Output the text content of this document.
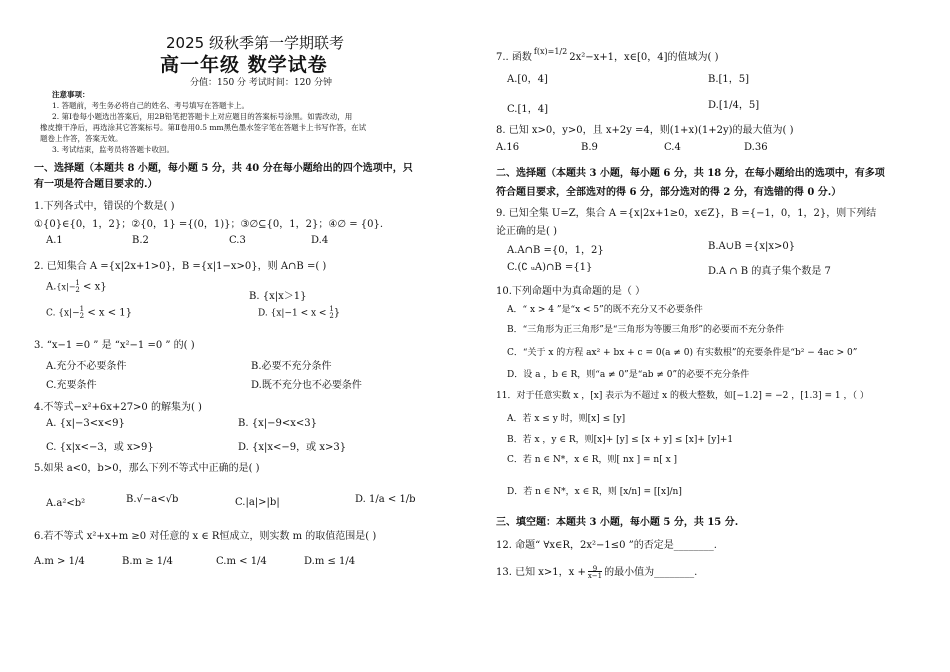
2025 级秋季第一学期联考
高一年级 数学试卷
分值：150 分 考试时间：120 分钟
注意事项：
1. 答题前，考生务必将自己的姓名、考号填写在答题卡上。
2. 第Ⅰ卷每小题选出答案后，用2B铅笔把答题卡上对应题目的答案标号涂黑。如需改动，用
橡皮擦干净后，再选涂其它答案标号。第Ⅱ卷用0.5 mm黑色墨水签字笔在答题卡上书写作答，在试
题卷上作答，答案无效。
3. 考试结束，监考员将答题卡收回。
一、选择题（本题共 8 小题，每小题 5 分，共 40 分在每小题给出的四个选项中，只
有一项是符合题目要求的.）
1.下列各式中，错误的个数是( )
①{0}∈{0，1，2}；②{0，1} ={(0，1)}；③∅⊆{0，1，2}；④∅ = {0}.
A.1	B.2	C.3	D.4
2. 已知集合 A ={x|2x+1>0}，B ={x|1−x>0}，则 A∩B =( )
A.{x|−1
2 < x}
B. {x|x＞1}
C. {x|−1
2 < x < 1}	D. {x|−1 < x < 1
2}
3. “x−1 =0 ” 是 “x²−1 =0 ” 的( )
A.充分不必要条件	B.必要不充分条件
C.充要条件	D.既不充分也不必要条件
4.不等式−x²+6x+27>0 的解集为( )
A. {x|−3<x<9}	B. {x|−9<x<3}
C. {x|x<−3，或 x>9}	D. {x|x<−9，或 x>3}
5.如果 a<0，b>0，那么下列不等式中正确的是( )
A.a²<b²	B.√−a<√b	C.|a|>|b|	D. 1/a < 1/b
6.若不等式 x²+x+m ≥0 对任意的 x ∈ R恒成立，则实数 m 的取值范围是( )
A.m > 1/4	B.m ≥ 1/4	C.m < 1/4	D.m ≤ 1/4
7.. 函数$^{f(x)=1/2}$2x²−x+1，x∈[0，4]的值域为( )
A.[0，4]	B.[1，5]
C.[1，4]	D.[1/4，5]
8. 已知 x>0，y>0，且 x+2y =4，则(1+x)(1+2y)的最大值为( )
A.16	B.9	C.4	D.36
二、选择题（本题共 3 小题，每小题 6 分，共 18 分，在每小题给出的选项中，有多项
符合题目要求，全部选对的得 6 分，部分选对的得 2 分，有选错的得 0 分.）
9. 已知全集 U=Z，集合 A ={x|2x+1≥0，x∈Z}，B ={−1，0，1，2}，则下列结
论正确的是( )
A.A∩B ={0，1，2}	B.A∪B ={x|x>0}
C.(∁ ᵤA)∩B ={1}	D.A ∩ B 的真子集个数是 7
10.下列命题中为真命题的是（ ）
A．“ x > 4 ”是“x < 5”的既不充分又不必要条件
B．“三角形为正三角形”是“三角形为等腰三角形”的必要而不充分条件
C．“关于 x 的方程 ax² + bx + c = 0(a ≠ 0) 有实数根”的充要条件是“b² − 4ac > 0”
D．设 a ，b ∈ R，则“a ≠ 0”是“ab ≠ 0”的必要不充分条件
11．对于任意实数 x ，[x] 表示为不超过 x 的极大整数，如[−1.2] = −2 ，[1.3] = 1 ，（ ）
A．若 x ≤ y 时，则[x] ≤ [y]
B．若 x ，y ∈ R，则[x]+ [y] ≤ [x + y] ≤ [x]+ [y]+1
C．若 n ∈ N*，x ∈ R，则[ nx ] = n[ x ]
D．若 n ∈ N*，x ∈ R，则 [x/n] = [[x]/n]
三、填空题：本题共 3 小题，每小题 5 分，共 15 分.
12. 命题“ ∀x∈R，2x²−1≤0 ”的否定是________.
13. 已知 x>1，$x + \frac{9}{x-1}$ 的最小值为________.
